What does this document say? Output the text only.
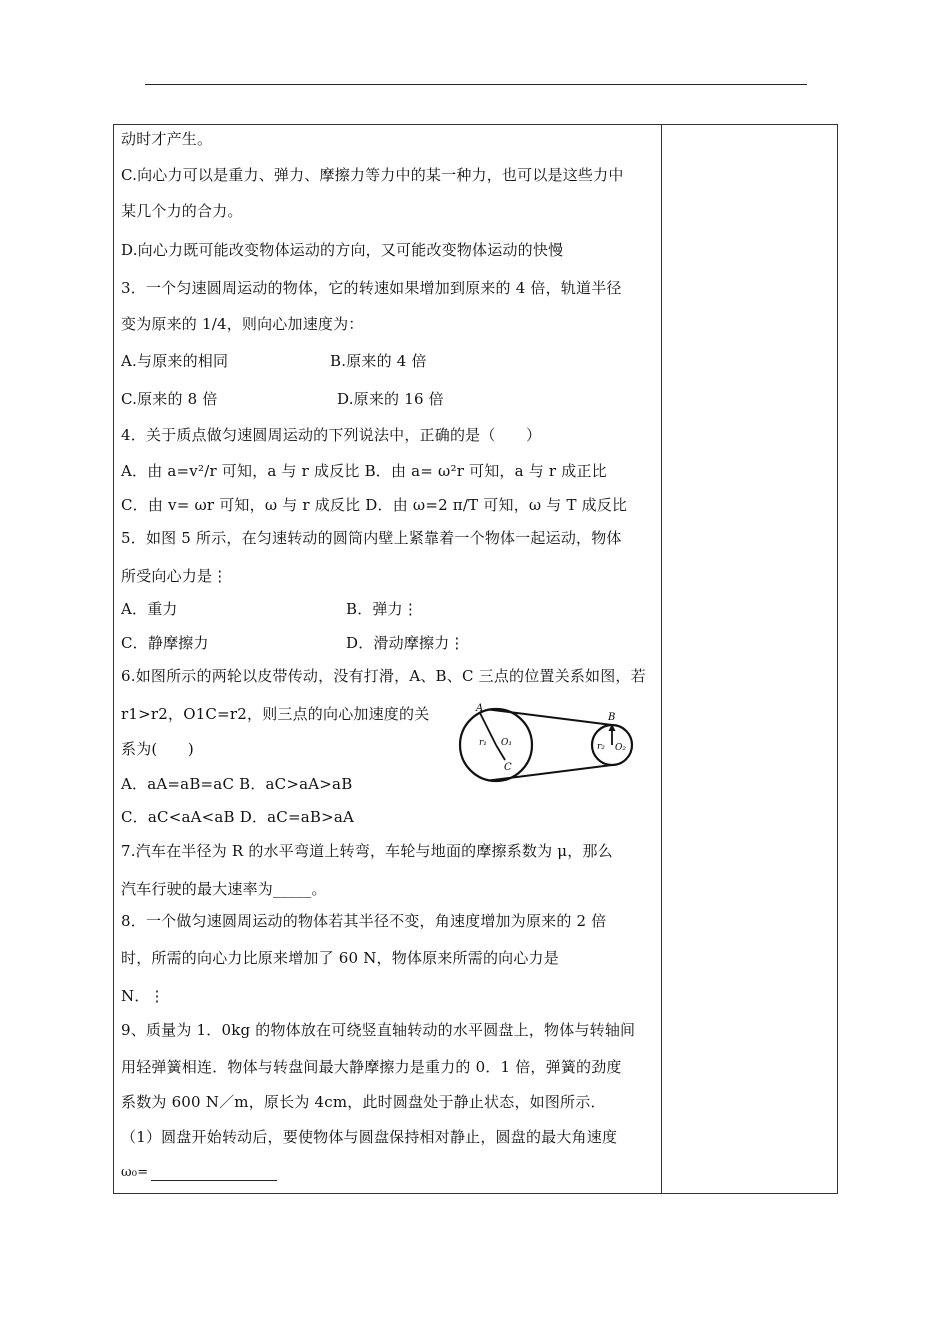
动时才产生。
C.向心力可以是重力、弹力、摩擦力等力中的某一种力，也可以是这些力中
某几个力的合力。
D.向心力既可能改变物体运动的方向，又可能改变物体运动的快慢
3．一个匀速圆周运动的物体，它的转速如果增加到原来的 4 倍，轨道半径
变为原来的 1/4，则向心加速度为：
A.与原来的相同	B.原来的 4 倍
C.原来的 8 倍	D.原来的 16 倍
4．关于质点做匀速圆周运动的下列说法中，正确的是（　　）
A．由 a=v²/r 可知，a 与 r 成反比 B．由 a= ω²r 可知，a 与 r 成正比
C．由 v= ωr 可知，ω 与 r 成反比 D．由 ω=2 π/T 可知，ω 与 T 成反比
5．如图 5 所示，在匀速转动的圆筒内壁上紧靠着一个物体一起运动，物体
所受向心力是⋮
A．重力	B．弹力⋮
C．静摩擦力	D．滑动摩擦力⋮
6.如图所示的两轮以皮带传动，没有打滑，A、B、C 三点的位置关系如图，若
r1>r2，O1C=r2，则三点的向心加速度的关
系为(　　)
A．aA=aB=aC B．aC>aA>aB
C．aC<aA<aB D．aC=aB>aA
A
B
C
r₁	r₂
O₁	O₂
7.汽车在半径为 R 的水平弯道上转弯，车轮与地面的摩擦系数为 μ，那么
汽车行驶的最大速率为_____。
8．一个做匀速圆周运动的物体若其半径不变，角速度增加为原来的 2 倍
时，所需的向心力比原来增加了 60 N，物体原来所需的向心力是
N．⋮
9、质量为 1．0kg 的物体放在可绕竖直轴转动的水平圆盘上，物体与转轴间
用轻弹簧相连．物体与转盘间最大静摩擦力是重力的 0．1 倍，弹簧的劲度
系数为 600 N／m，原长为 4cm，此时圆盘处于静止状态，如图所示．
（1）圆盘开始转动后，要使物体与圆盘保持相对静止，圆盘的最大角速度
ω₀=
